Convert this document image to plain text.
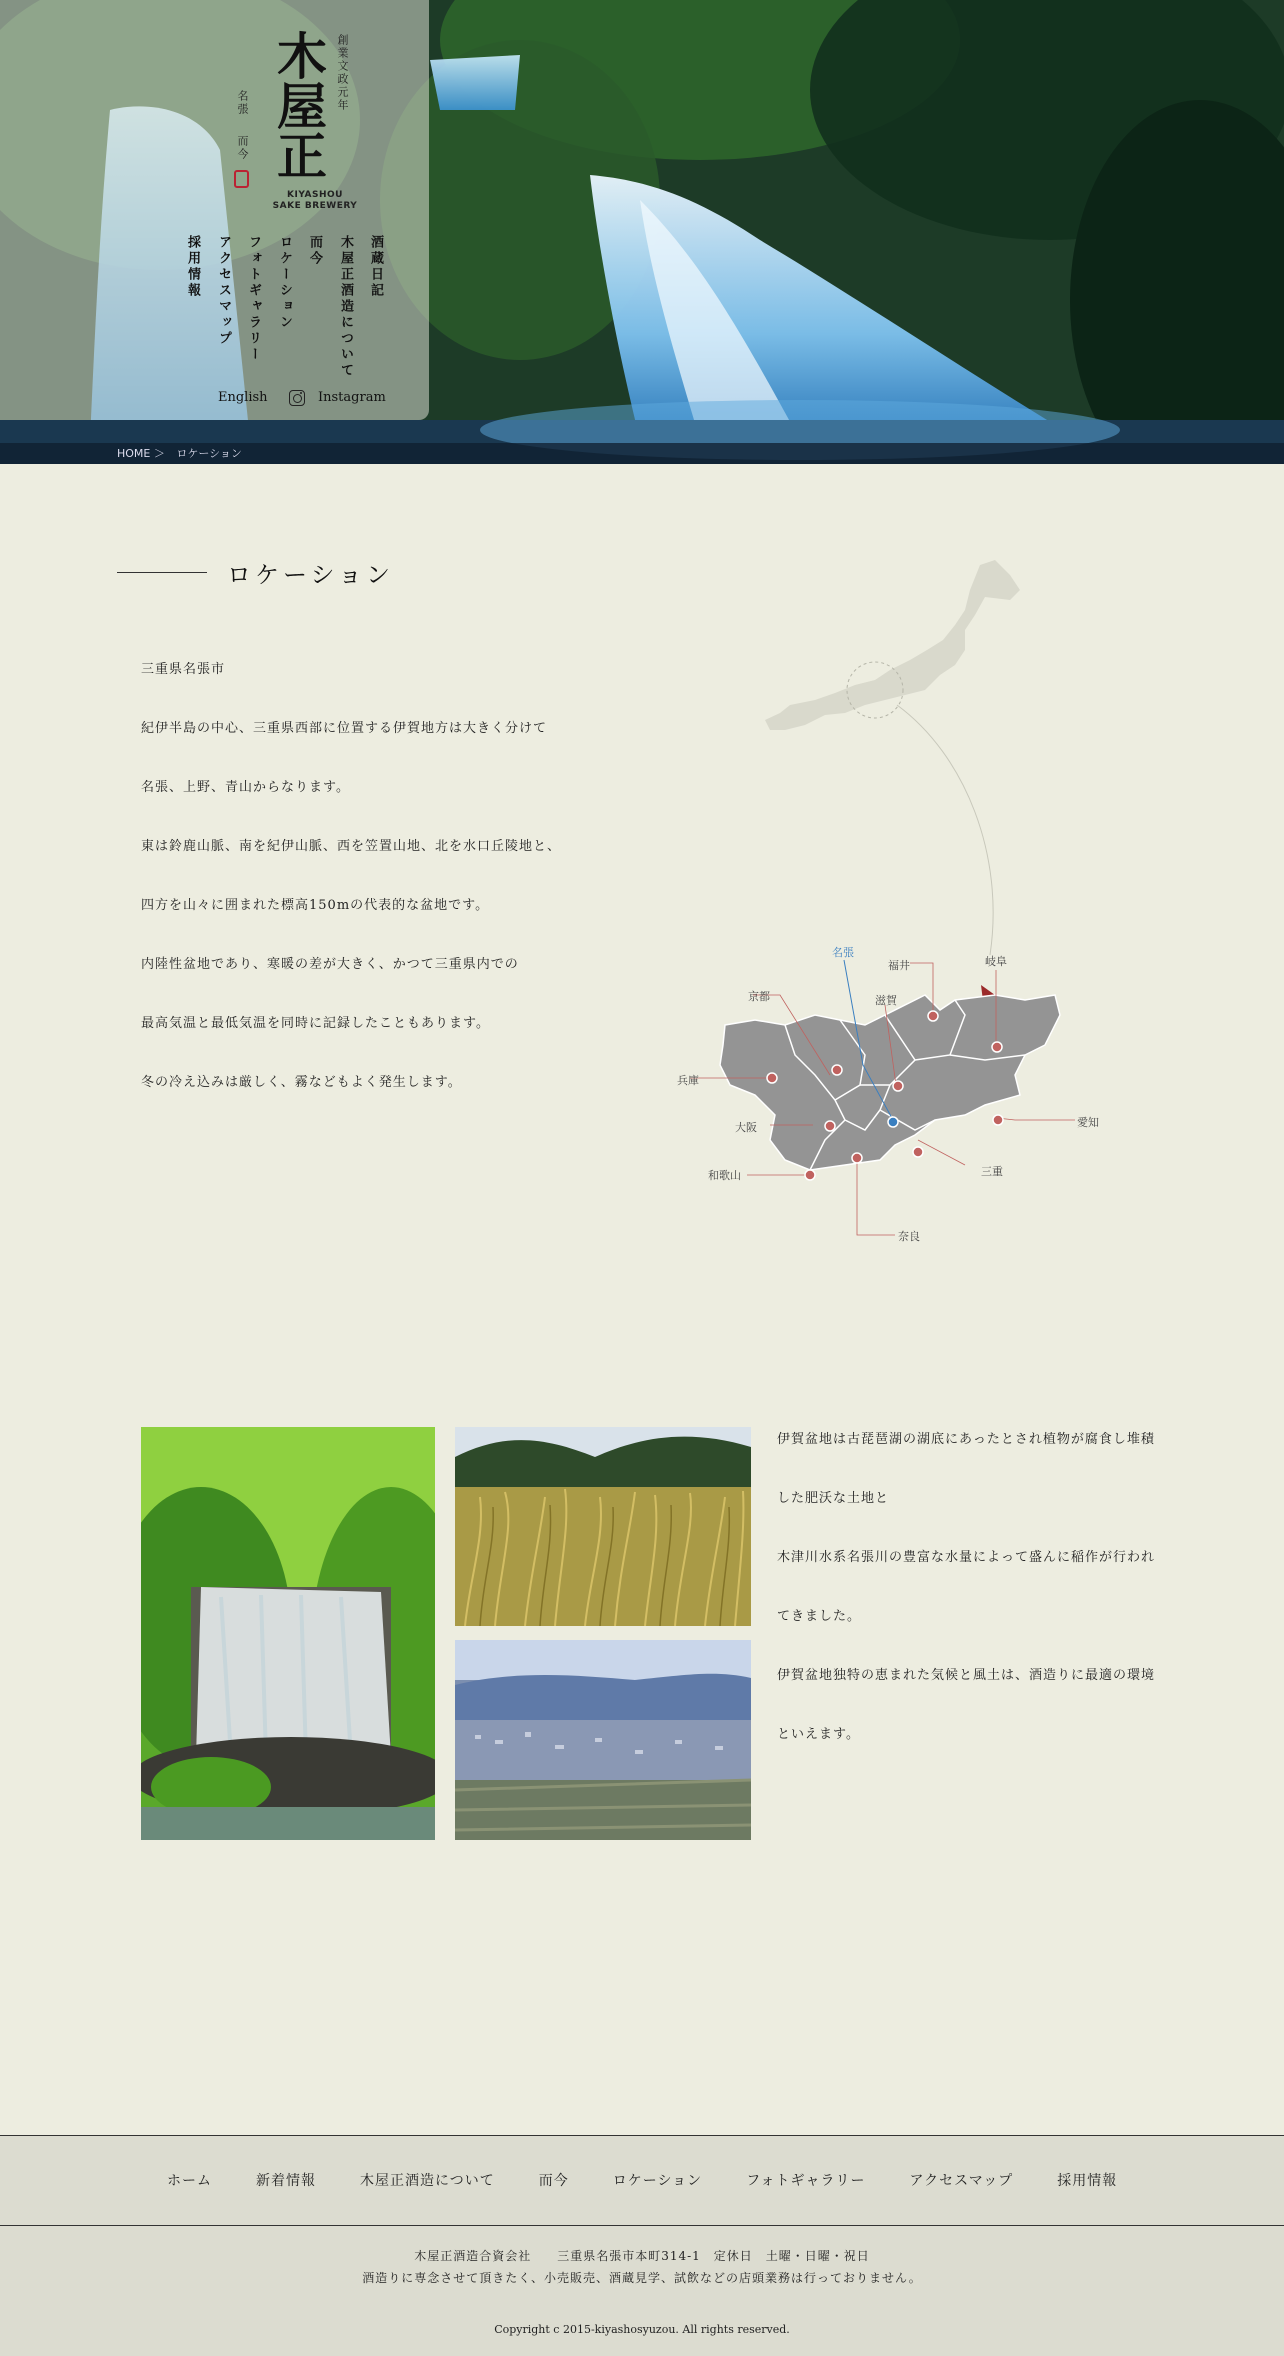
創業文政元年
木屋正
名張
而今
KIYASHOU
SAKE BREWERY
酒蔵日記
木屋正酒造について
而今
ロケーション
フォトギャラリー
アクセスマップ
採用情報
English	Instagram
HOME ＞ ロケーション
ロケーション

三重県名張市

紀伊半島の中心、三重県西部に位置する伊賀地方は大きく分けて

名張、上野、青山からなります。

東は鈴鹿山脈、南を紀伊山脈、西を笠置山地、北を水口丘陵地と、

四方を山々に囲まれた標高150mの代表的な盆地です。

内陸性盆地であり、寒暖の差が大きく、かつて三重県内での

最高気温と最低気温を同時に記録したこともあります。

冬の冷え込みは厳しく、霧などもよく発生します。

名張
福井	岐阜
京都	滋賀
兵庫
大阪	愛知
和歌山	三重
奈良

伊賀盆地は古琵琶湖の湖底にあったとされ植物が腐食し堆積

した肥沃な土地と

木津川水系名張川の豊富な水量によって盛んに稲作が行われ

てきました。

伊賀盆地独特の恵まれた気候と風土は、酒造りに最適の環境

といえます。

ホーム	新着情報	木屋正酒造について	而今	ロケーション	フォトギャラリー	アクセスマップ	採用情報
木屋正酒造合資会社　　三重県名張市本町314-1　定休日　土曜・日曜・祝日
酒造りに専念させて頂きたく、小売販売、酒蔵見学、試飲などの店頭業務は行っておりません。
Copyright c 2015-kiyashosyuzou. All rights reserved.
